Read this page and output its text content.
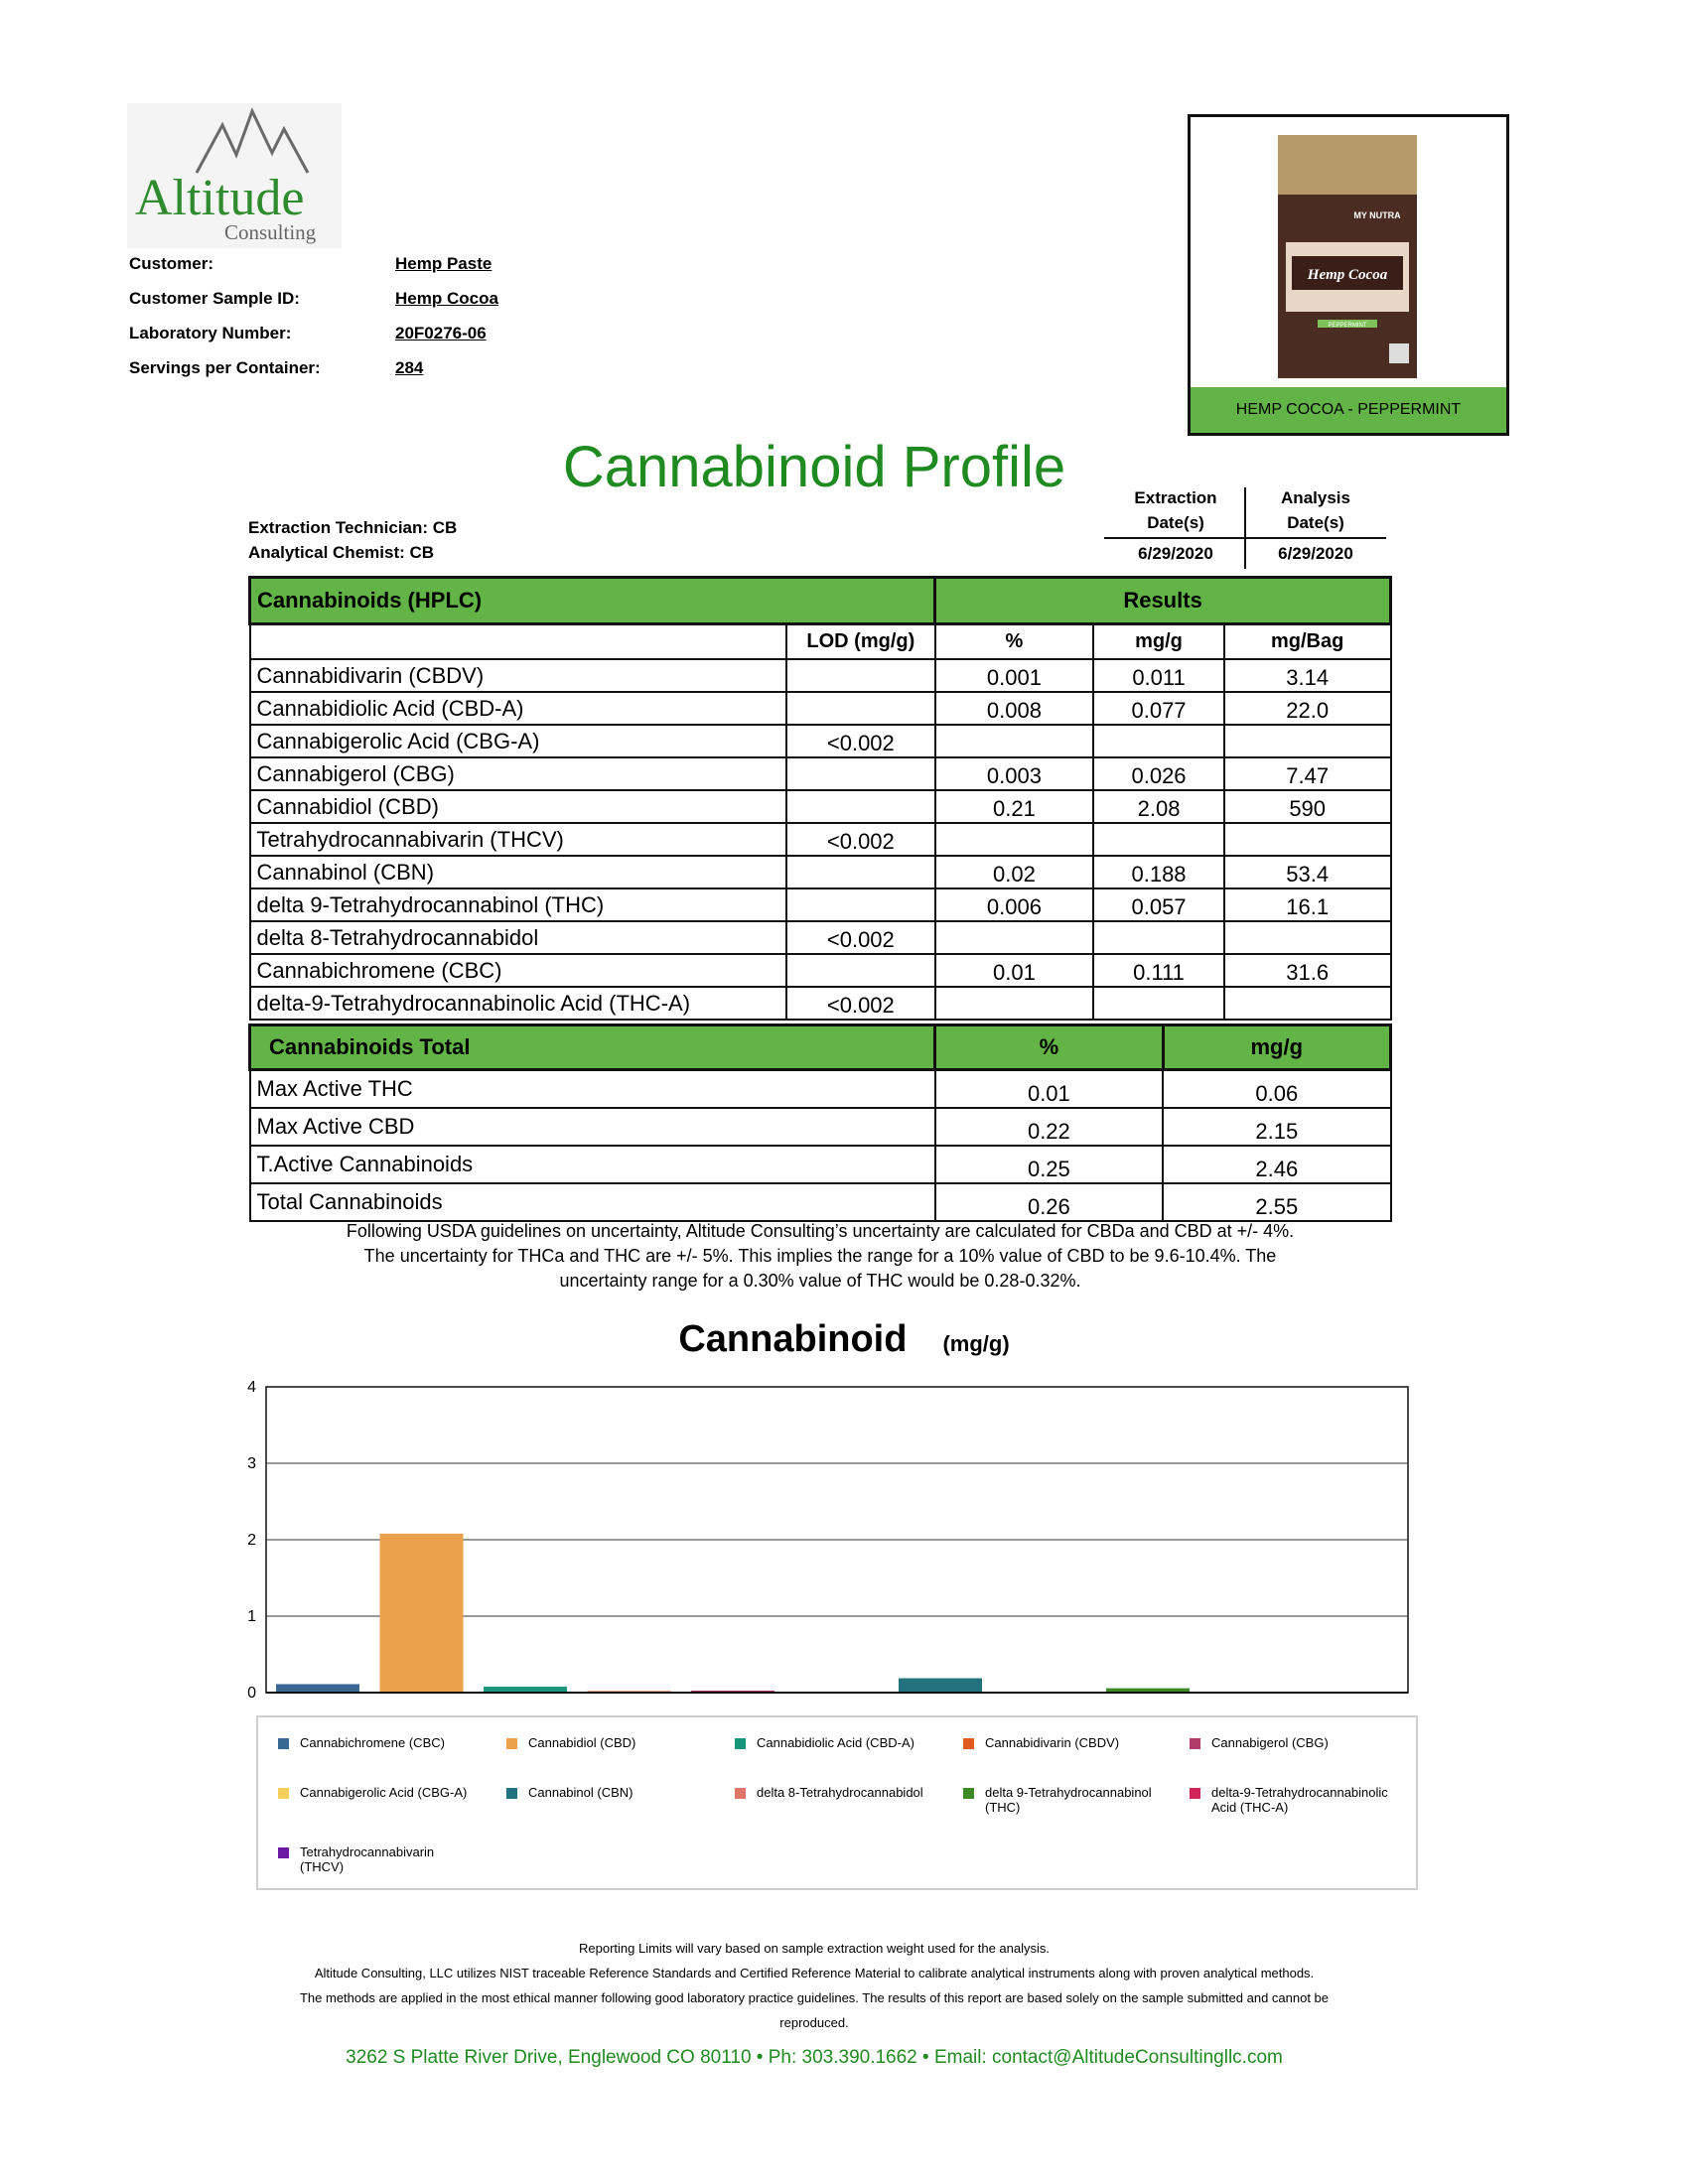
Altitude
Consulting
Customer:	Hemp Paste
Customer Sample ID:	Hemp Cocoa
Laboratory Number:	20F0276-06
Servings per Container:	284
MY NUTRA
Hemp Cocoa
PEPPERMINT
HEMP COCOA - PEPPERMINT
Cannabinoid Profile
Extraction Technician: CB
Analytical Chemist: CB
Extraction
Date(s)
Analysis
Date(s)
6/29/2020	6/29/2020
Cannabinoids (HPLC)		Results		
	LOD (mg/g)	%	mg/g	mg/Bag
Cannabidivarin (CBDV)		0.001	0.011	3.14
Cannabidiolic Acid (CBD-A)		0.008	0.077	22.0
Cannabigerolic Acid (CBG-A)	<0.002			
Cannabigerol (CBG)		0.003	0.026	7.47
Cannabidiol (CBD)		0.21	2.08	590
Tetrahydrocannabivarin (THCV)	<0.002			
Cannabinol (CBN)		0.02	0.188	53.4
delta 9-Tetrahydrocannabinol (THC)		0.006	0.057	16.1
delta 8-Tetrahydrocannabidol	<0.002			
Cannabichromene (CBC)		0.01	0.111	31.6
delta-9-Tetrahydrocannabinolic Acid (THC-A)	<0.002			
Cannabinoids Total	%	mg/g
Max Active THC	0.01	0.06
Max Active CBD	0.22	2.15
T.Active Cannabinoids	0.25	2.46
Total Cannabinoids	0.26	2.55
Following USDA guidelines on uncertainty, Altitude Consulting’s uncertainty are calculated for CBDa and CBD at +/- 4%.
The uncertainty for THCa and THC are +/- 5%. This implies the range for a 10% value of CBD to be 9.6-10.4%. The
uncertainty range for a 0.30% value of THC would be 0.28-0.32%.
Cannabinoid (mg/g)
0
1
2
3
4
Cannabichromene (CBC)	Cannabidiol (CBD)	Cannabidiolic Acid (CBD-A)	Cannabidivarin (CBDV)	Cannabigerol (CBG)
Cannabigerolic Acid (CBG-A)	Cannabinol (CBN)	delta 8-Tetrahydrocannabidol	delta 9-Tetrahydrocannabinol
(THC)
delta-9-Tetrahydrocannabinolic
Acid (THC-A)
Tetrahydrocannabivarin
(THCV)
Reporting Limits will vary based on sample extraction weight used for the analysis.
Altitude Consulting, LLC utilizes NIST traceable Reference Standards and Certified Reference Material to calibrate analytical instruments along with proven analytical methods.
The methods are applied in the most ethical manner following good laboratory practice guidelines. The results of this report are based solely on the sample submitted and cannot be
reproduced.
3262 S Platte River Drive, Englewood CO 80110 • Ph: 303.390.1662 • Email: contact@AltitudeConsultingllc.com
